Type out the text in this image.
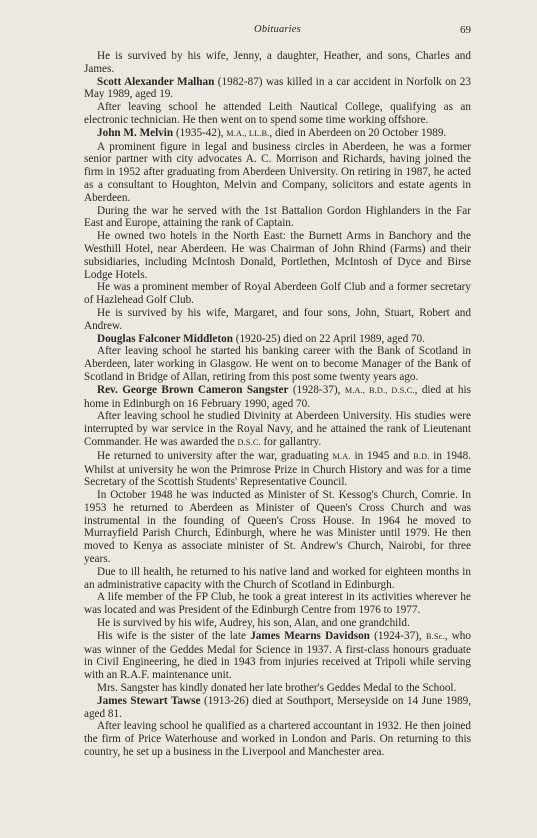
Obituaries	69

He is survived by his wife, Jenny, a daughter, Heather, and sons, Charles and James.

Scott Alexander Malhan (1982-87) was killed in a car accident in Norfolk on 23 May 1989, aged 19.

After leaving school he attended Leith Nautical College, qualifying as an electronic technician. He then went on to spend some time working offshore.

John M. Melvin (1935-42), M.A., LL.B., died in Aberdeen on 20 October 1989.

A prominent figure in legal and business circles in Aberdeen, he was a former senior partner with city advocates A. C. Morrison and Richards, having joined the firm in 1952 after graduating from Aberdeen University. On retiring in 1987, he acted as a consultant to Houghton, Melvin and Company, solicitors and estate agents in Aberdeen.

During the war he served with the 1st Battalion Gordon Highlanders in the Far East and Europe, attaining the rank of Captain.

He owned two hotels in the North East: the Burnett Arms in Banchory and the Westhill Hotel, near Aberdeen. He was Chairman of John Rhind (Farms) and their subsidiaries, including McIntosh Donald, Portlethen, McIntosh of Dyce and Birse Lodge Hotels.

He was a prominent member of Royal Aberdeen Golf Club and a former secretary of Hazlehead Golf Club.

He is survived by his wife, Margaret, and four sons, John, Stuart, Robert and Andrew.

Douglas Falconer Middleton (1920-25) died on 22 April 1989, aged 70.

After leaving school he started his banking career with the Bank of Scotland in Aberdeen, later working in Glasgow. He went on to become Manager of the Bank of Scotland in Bridge of Allan, retiring from this post some twenty years ago.

Rev. George Brown Cameron Sangster (1928-37), M.A., B.D., D.S.C., died at his home in Edinburgh on 16 February 1990, aged 70.

After leaving school he studied Divinity at Aberdeen University. His studies were interrupted by war service in the Royal Navy, and he attained the rank of Lieutenant Commander. He was awarded the D.S.C. for gallantry.

He returned to university after the war, graduating M.A. in 1945 and B.D. in 1948. Whilst at university he won the Primrose Prize in Church History and was for a time Secretary of the Scottish Students' Representative Council.

In October 1948 he was inducted as Minister of St. Kessog's Church, Comrie. In 1953 he returned to Aberdeen as Minister of Queen's Cross Church and was instrumental in the founding of Queen's Cross House. In 1964 he moved to Murrayfield Parish Church, Edinburgh, where he was Minister until 1979. He then moved to Kenya as associate minister of St. Andrew's Church, Nairobi, for three years.

Due to ill health, he returned to his native land and worked for eighteen months in an administrative capacity with the Church of Scotland in Edinburgh.

A life member of the FP Club, he took a great interest in its activities wherever he was located and was President of the Edinburgh Centre from 1976 to 1977.

He is survived by his wife, Audrey, his son, Alan, and one grandchild.

His wife is the sister of the late James Mearns Davidson (1924-37), B.Sc., who was winner of the Geddes Medal for Science in 1937. A first-class honours graduate in Civil Engineering, he died in 1943 from injuries received at Tripoli while serving with an R.A.F. maintenance unit.

Mrs. Sangster has kindly donated her late brother's Geddes Medal to the School.

James Stewart Tawse (1913-26) died at Southport, Merseyside on 14 June 1989, aged 81.

After leaving school he qualified as a chartered accountant in 1932. He then joined the firm of Price Waterhouse and worked in London and Paris. On returning to this country, he set up a business in the Liverpool and Manchester area.
